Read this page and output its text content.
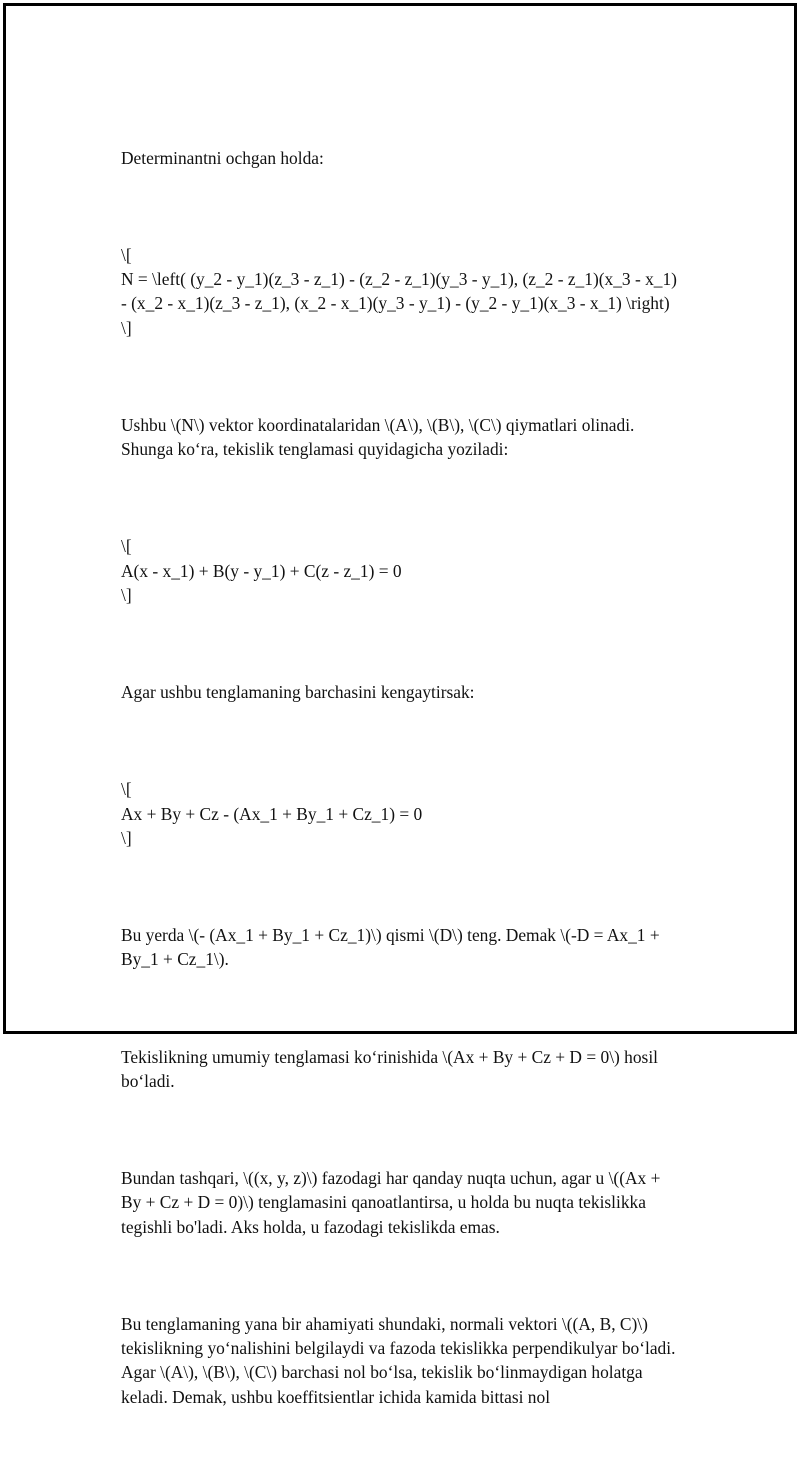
Determinantni ochgan holda:

\[
N = \left( (y_2 - y_1)(z_3 - z_1) - (z_2 - z_1)(y_3 - y_1), (z_2 - z_1)(x_3 - x_1) - (x_2 - x_1)(z_3 - z_1), (x_2 - x_1)(y_3 - y_1) - (y_2 - y_1)(x_3 - x_1) \right)
\]

Ushbu \(N\) vektor koordinatalaridan \(A\), \(B\), \(C\) qiymatlari olinadi. Shunga ko‘ra, tekislik tenglamasi quyidagicha yoziladi:

\[
A(x - x_1) + B(y - y_1) + C(z - z_1) = 0
\]

Agar ushbu tenglamaning barchasini kengaytirsak:

\[
Ax + By + Cz - (Ax_1 + By_1 + Cz_1) = 0
\]

Bu yerda \(- (Ax_1 + By_1 + Cz_1)\) qismi \(D\) teng. Demak \(-D = Ax_1 + By_1 + Cz_1\).

Tekislikning umumiy tenglamasi ko‘rinishida \(Ax + By + Cz + D = 0\) hosil bo‘ladi.

Bundan tashqari, \((x, y, z)\) fazodagi har qanday nuqta uchun, agar u \((Ax + By + Cz + D = 0)\) tenglamasini qanoatlantirsa, u holda bu nuqta tekislikka tegishli bo'ladi. Aks holda, u fazodagi tekislikda emas.

Bu tenglamaning yana bir ahamiyati shundaki, normali vektori \((A, B, C)\) tekislikning yo‘nalishini belgilaydi va fazoda tekislikka perpendikulyar bo‘ladi. Agar \(A\), \(B\), \(C\) barchasi nol bo‘lsa, tekislik bo‘linmaydigan holatga keladi. Demak, ushbu koeffitsientlar ichida kamida bittasi nol
